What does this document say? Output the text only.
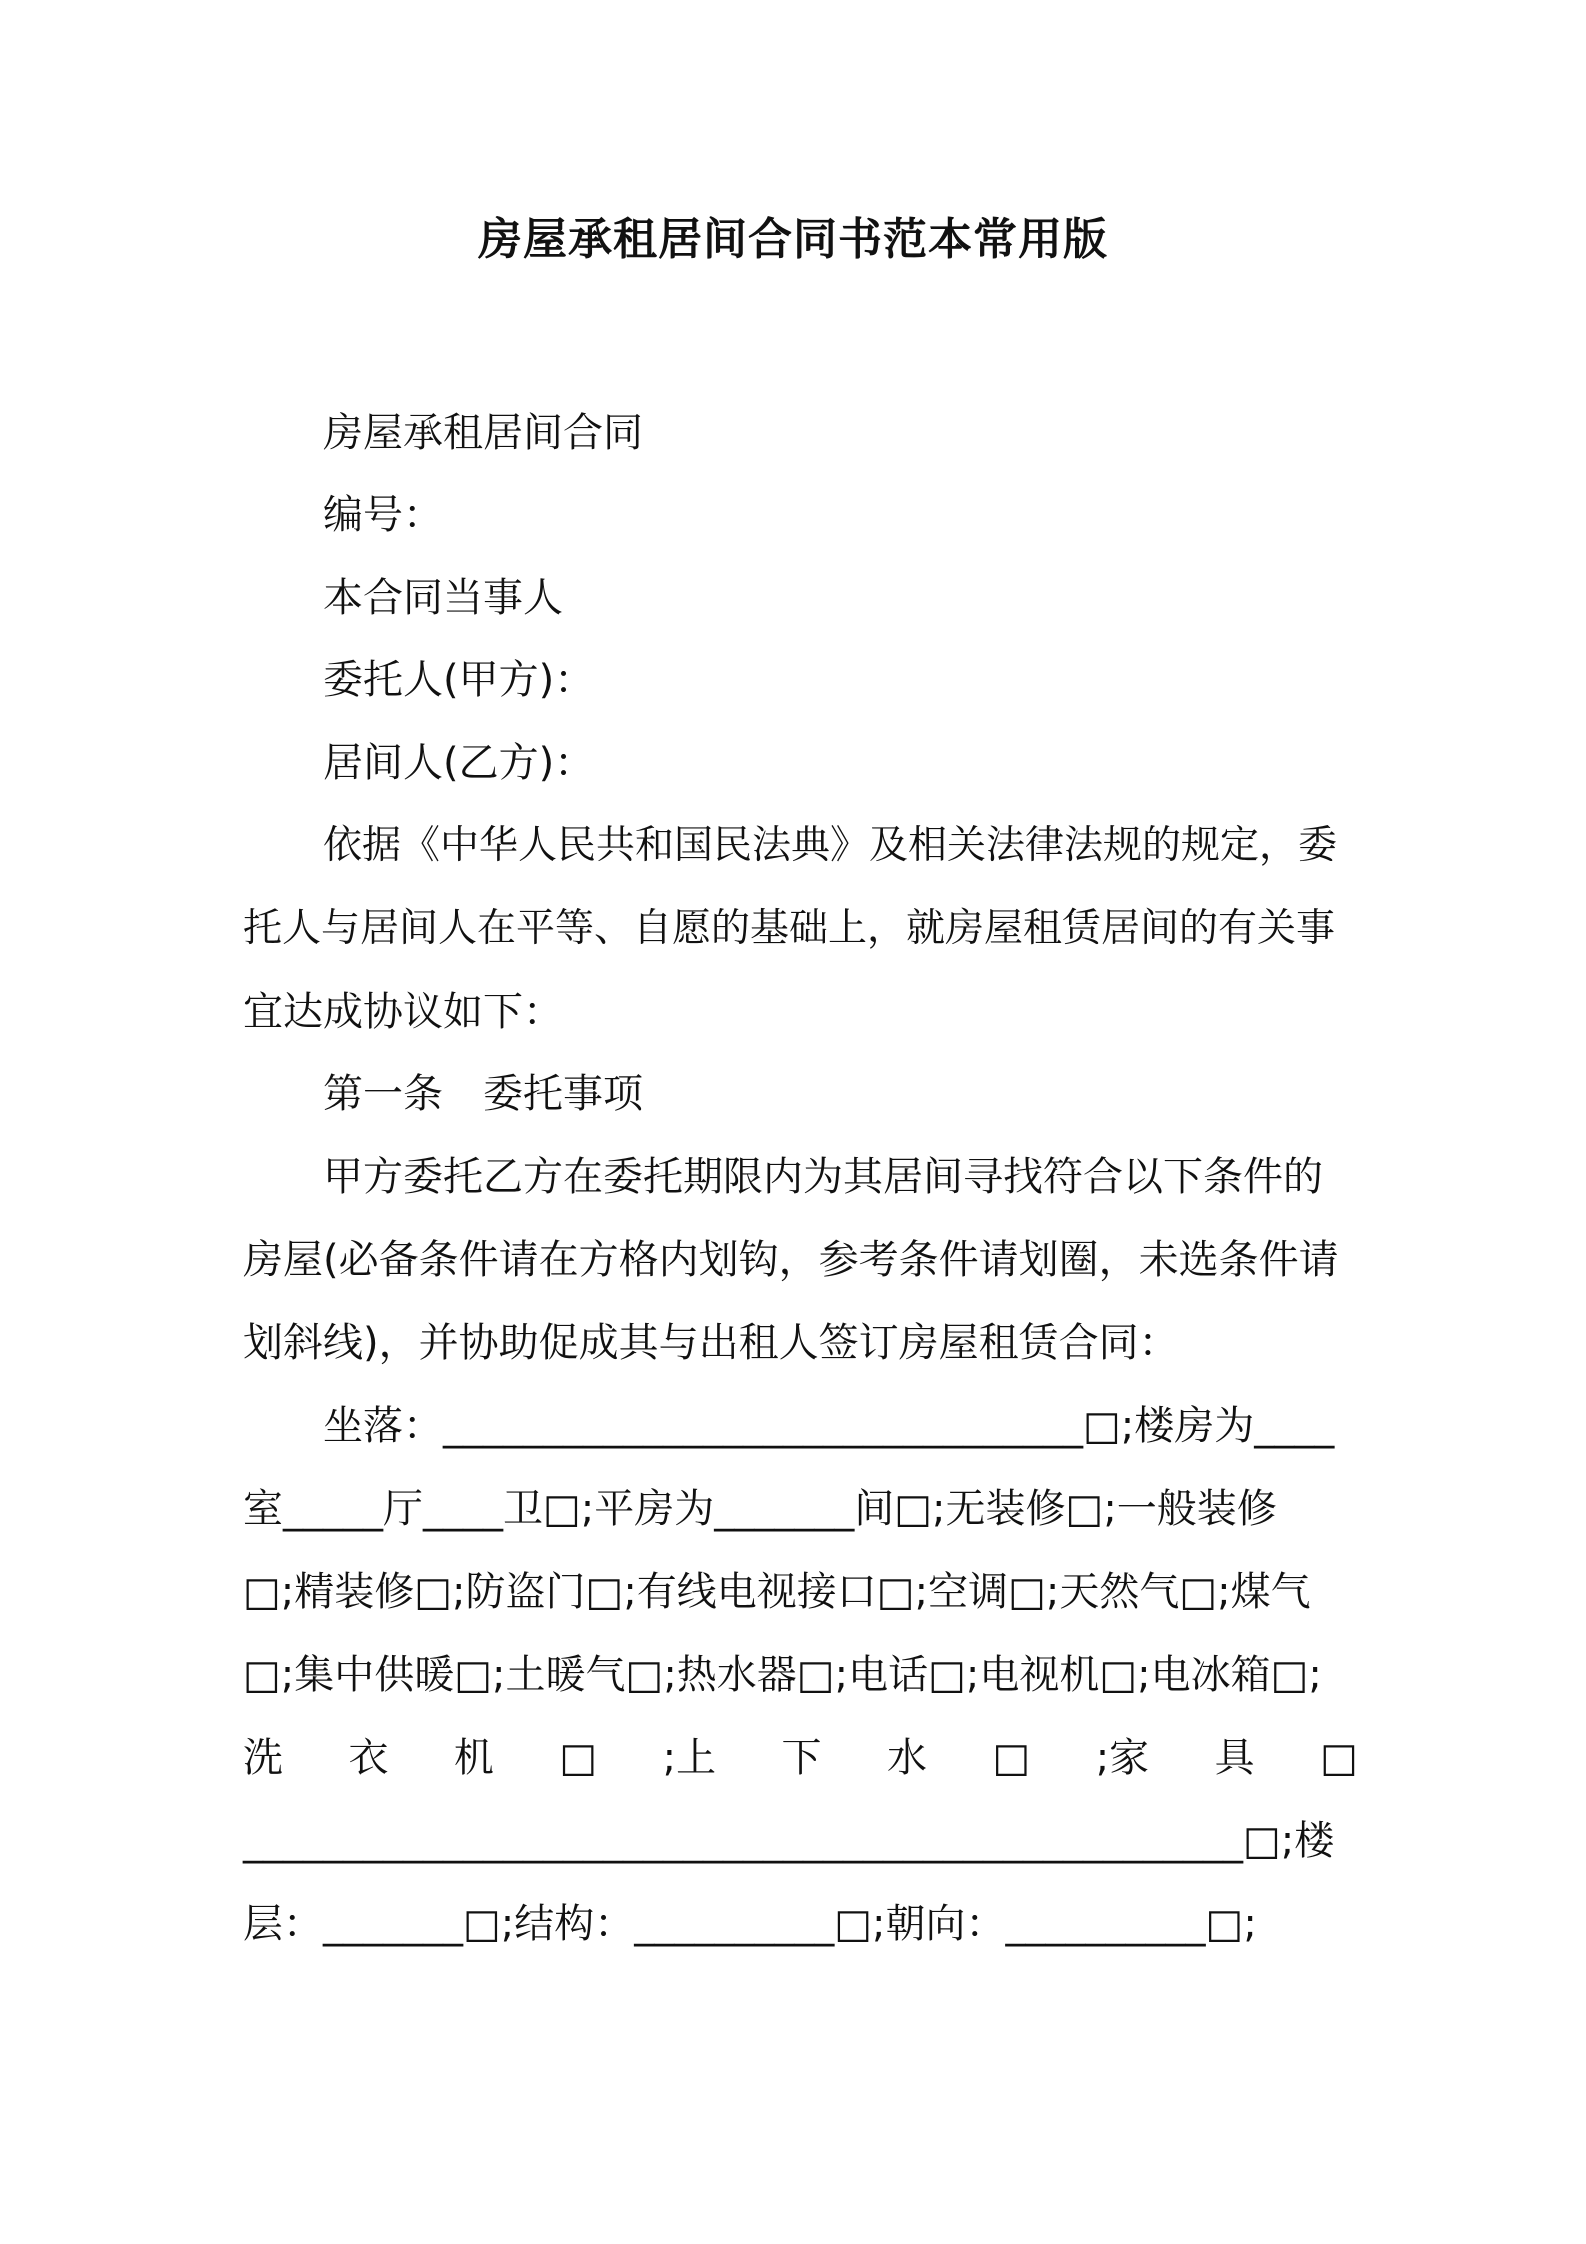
房屋承租居间合同书范本常用版
房屋承租居间合同
编号：
本合同当事人
委托人(甲方)：
居间人(乙方)：
依据《中华人民共和国民法典》及相关法律法规的规定，委
托人与居间人在平等、自愿的基础上，就房屋租赁居间的有关事
宜达成协议如下：
第一条　委托事项
甲方委托乙方在委托期限内为其居间寻找符合以下条件的
房屋(必备条件请在方格内划钩，参考条件请划圈，未选条件请
划斜线)，并协助促成其与出租人签订房屋租赁合同：
坐落：________________________________□;楼房为____
室_____厅____卫□;平房为_______间□;无装修□;一般装修
□;精装修□;防盗门□;有线电视接口□;空调□;天然气□;煤气
□;集中供暖□;土暖气□;热水器□;电话□;电视机□;电冰箱□;
洗 衣 机 □ ;上 下 水 □ ;家 具 □
__________________________________________________□;楼
层：_______□;结构：__________□;朝向：__________□;
